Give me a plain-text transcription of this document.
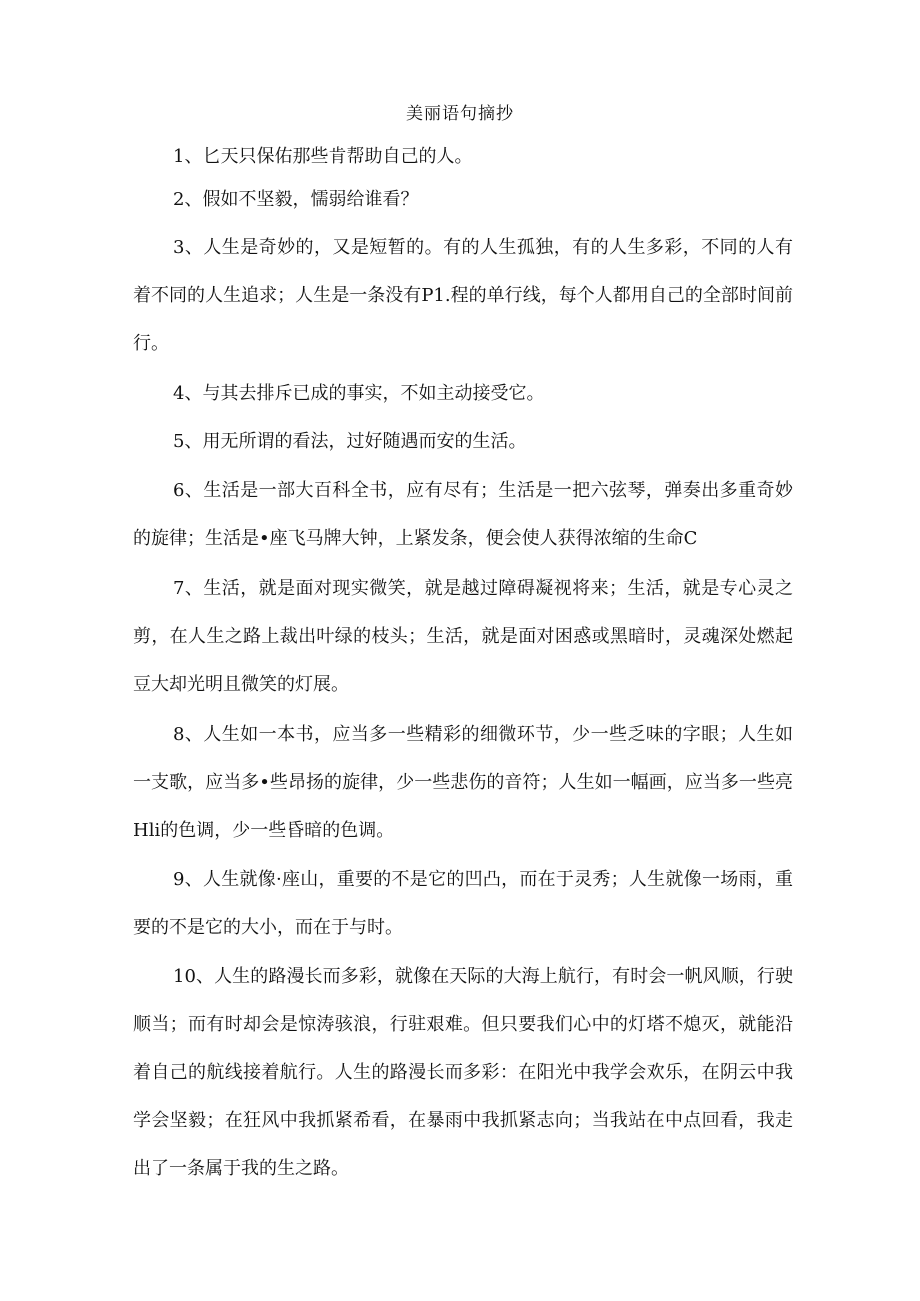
美丽语句摘抄

1、匕天只保佑那些肯帮助自己的人。

2、假如不坚毅，懦弱给谁看？

3、人生是奇妙的，又是短暂的。有的人生孤独，有的人生多彩，不同的人有着不同的人生追求；人生是一条没有P1.程的单行线，每个人都用自己的全部时间前行。

4、与其去排斥已成的事实，不如主动接受它。

5、用无所谓的看法，过好随遇而安的生活。

6、生活是一部大百科全书，应有尽有；生活是一把六弦琴，弹奏出多重奇妙的旋律；生活是•座飞马牌大钟，上紧发条，便会使人获得浓缩的生命C

7、生活，就是面对现实微笑，就是越过障碍凝视将来；生活，就是专心灵之剪，在人生之路上裁出叶绿的枝头；生活，就是面对困惑或黑暗时，灵魂深处燃起豆大却光明且微笑的灯展。

8、人生如一本书，应当多一些精彩的细微环节，少一些乏味的字眼；人生如一支歌，应当多•些昂扬的旋律，少一些悲伤的音符；人生如一幅画，应当多一些亮Hli的色调，少一些昏暗的色调。

9、人生就像·座山，重要的不是它的凹凸，而在于灵秀；人生就像一场雨，重要的不是它的大小，而在于与时。

10、人生的路漫长而多彩，就像在天际的大海上航行，有时会一帆风顺，行驶顺当；而有时却会是惊涛骇浪，行驻艰难。但只要我们心中的灯塔不熄灭，就能沿着自己的航线接着航行。人生的路漫长而多彩：在阳光中我学会欢乐，在阴云中我学会坚毅；在狂风中我抓紧希看，在暴雨中我抓紧志向；当我站在中点回看，我走出了一条属于我的生之路。
